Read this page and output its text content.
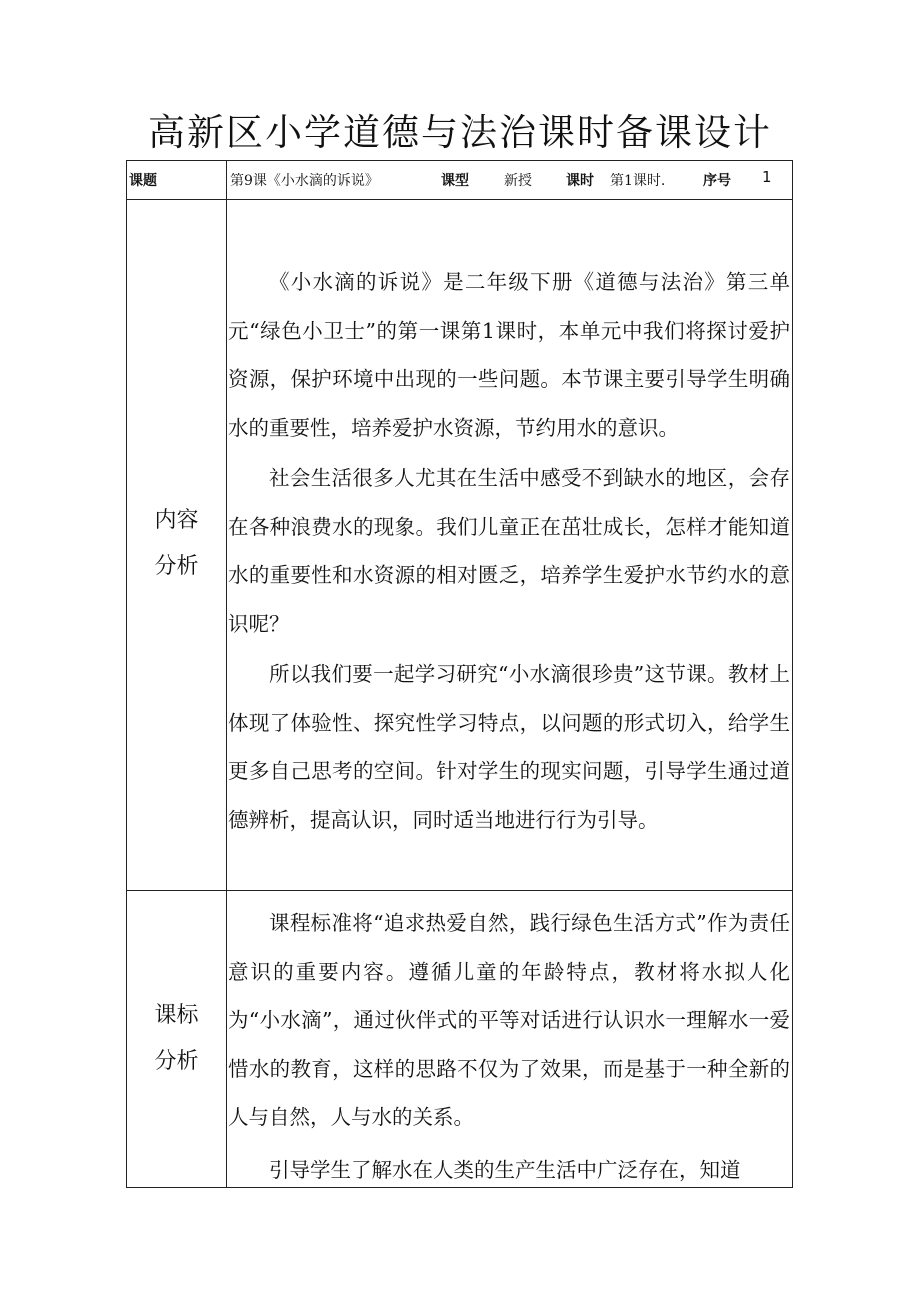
高新区小学道德与法治课时备课设计
课题	第9课《小水滴的诉说》	课型	新授 课时 第1课时.	序号 1
内容
分析

《小水滴的诉说》是二年级下册《道德与法治》第三单元“绿色小卫士”的第一课第1课时，本单元中我们将探讨爱护资源，保护环境中出现的一些问题。本节课主要引导学生明确水的重要性，培养爱护水资源，节约用水的意识。

社会生活很多人尤其在生活中感受不到缺水的地区，会存在各种浪费水的现象。我们儿童正在茁壮成长，怎样才能知道水的重要性和水资源的相对匮乏，培养学生爱护水节约水的意识呢？

所以我们要一起学习研究“小水滴很珍贵”这节课。教材上体现了体验性、探究性学习特点，以问题的形式切入，给学生更多自己思考的空间。针对学生的现实问题，引导学生通过道德辨析，提高认识，同时适当地进行行为引导。

课标
分析

课程标准将“追求热爱自然，践行绿色生活方式”作为责任意识的重要内容。遵循儿童的年龄特点，教材将水拟人化为“小水滴”，通过伙伴式的平等对话进行认识水一理解水一爱惜水的教育，这样的思路不仅为了效果，而是基于一种全新的人与自然，人与水的关系。

引导学生了解水在人类的生产生活中广泛存在，知道
